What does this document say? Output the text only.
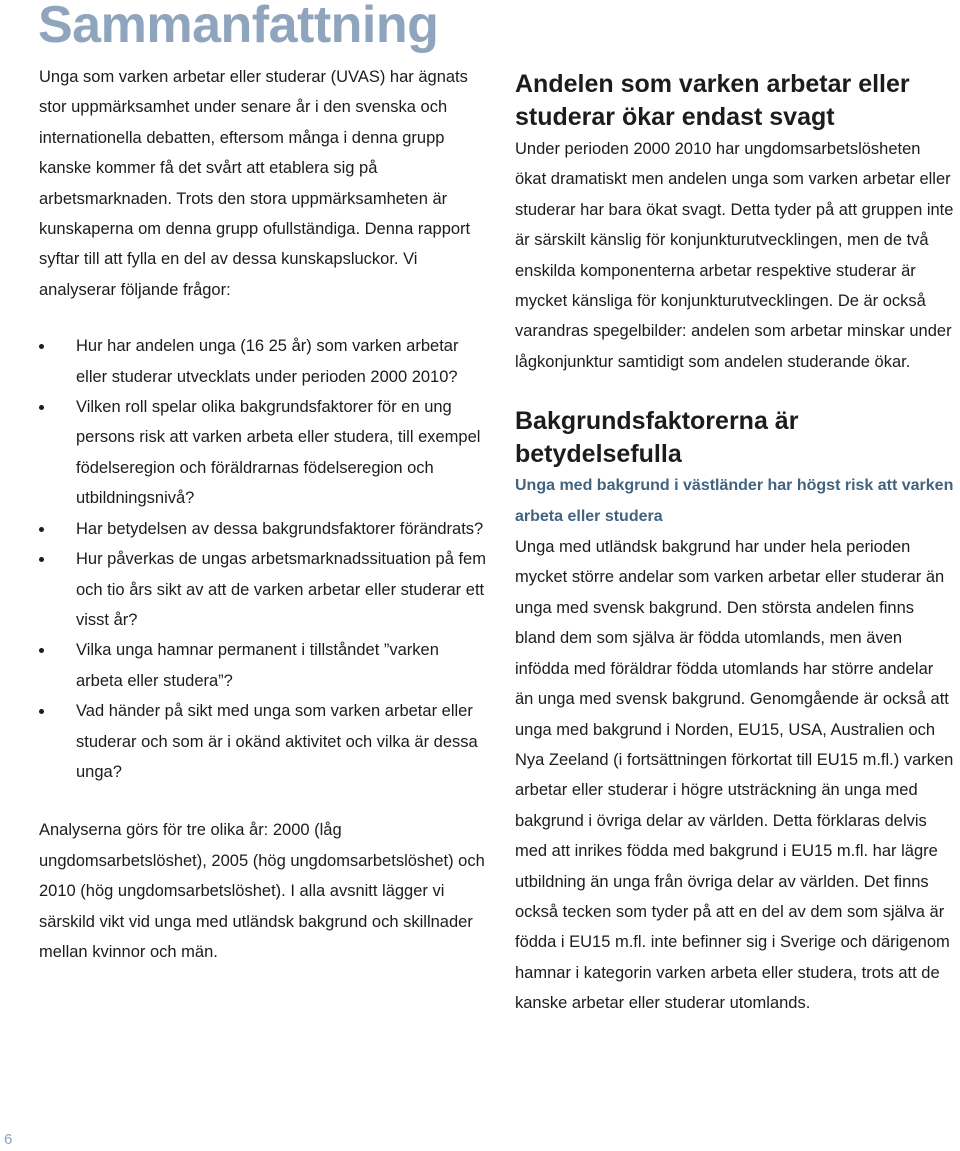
Sammanfattning

Unga som varken arbetar eller studerar (UVAS) har ägnats stor uppmärksamhet under senare år i den svenska och internationella debatten, eftersom många i denna grupp kanske kommer få det svårt att etablera sig på arbetsmarknaden. Trots den stora uppmärksamheten är kunskaperna om denna grupp ofullständiga. Denna rapport syftar till att fylla en del av dessa kunskapsluckor. Vi analyserar följande frågor:

Hur har andelen unga (16 25 år) som varken arbetar eller studerar utvecklats under perioden 2000 2010?
Vilken roll spelar olika bakgrundsfaktorer för en ung persons risk att varken arbeta eller studera, till exempel födelseregion och föräldrarnas födelseregion och utbildningsnivå?
Har betydelsen av dessa bakgrundsfaktorer förändrats?
Hur påverkas de ungas arbetsmarknadssituation på fem och tio års sikt av att de varken arbetar eller studerar ett visst år?
Vilka unga hamnar permanent i tillståndet ”varken arbeta eller studera”?
Vad händer på sikt med unga som varken arbetar eller studerar och som är i okänd aktivitet och vilka är dessa unga?

Analyserna görs för tre olika år: 2000 (låg ungdomsarbetslöshet), 2005 (hög ungdomsarbetslöshet) och 2010 (hög ungdomsarbetslöshet). I alla avsnitt lägger vi särskild vikt vid unga med utländsk bakgrund och skillnader mellan kvinnor och män.

Andelen som varken arbetar eller studerar ökar endast svagt

Under perioden 2000 2010 har ungdomsarbetslösheten ökat dramatiskt men andelen unga som varken arbetar eller studerar har bara ökat svagt. Detta tyder på att gruppen inte är särskilt känslig för konjunkturutvecklingen, men de två enskilda komponenterna arbetar respektive studerar är mycket känsliga för konjunkturutvecklingen. De är också varandras spegelbilder: andelen som arbetar minskar under lågkonjunktur samtidigt som andelen studerande ökar.

Bakgrundsfaktorerna är betydelsefulla
Unga med bakgrund i västländer har högst risk att varken arbeta eller studera

Unga med utländsk bakgrund har under hela perioden mycket större andelar som varken arbetar eller studerar än unga med svensk bakgrund. Den största andelen finns bland dem som själva är födda utomlands, men även infödda med föräldrar födda utomlands har större andelar än unga med svensk bakgrund. Genomgående är också att unga med bakgrund i Norden, EU15, USA, Australien och Nya Zeeland (i fortsättningen förkortat till EU15 m.fl.) varken arbetar eller studerar i högre utsträckning än unga med bakgrund i övriga delar av världen. Detta förklaras delvis med att inrikes födda med bakgrund i EU15 m.fl. har lägre utbildning än unga från övriga delar av världen. Det finns också tecken som tyder på att en del av dem som själva är födda i EU15 m.fl. inte befinner sig i Sverige och därigenom hamnar i kategorin varken arbeta eller studera, trots att de kanske arbetar eller studerar utomlands.

6
